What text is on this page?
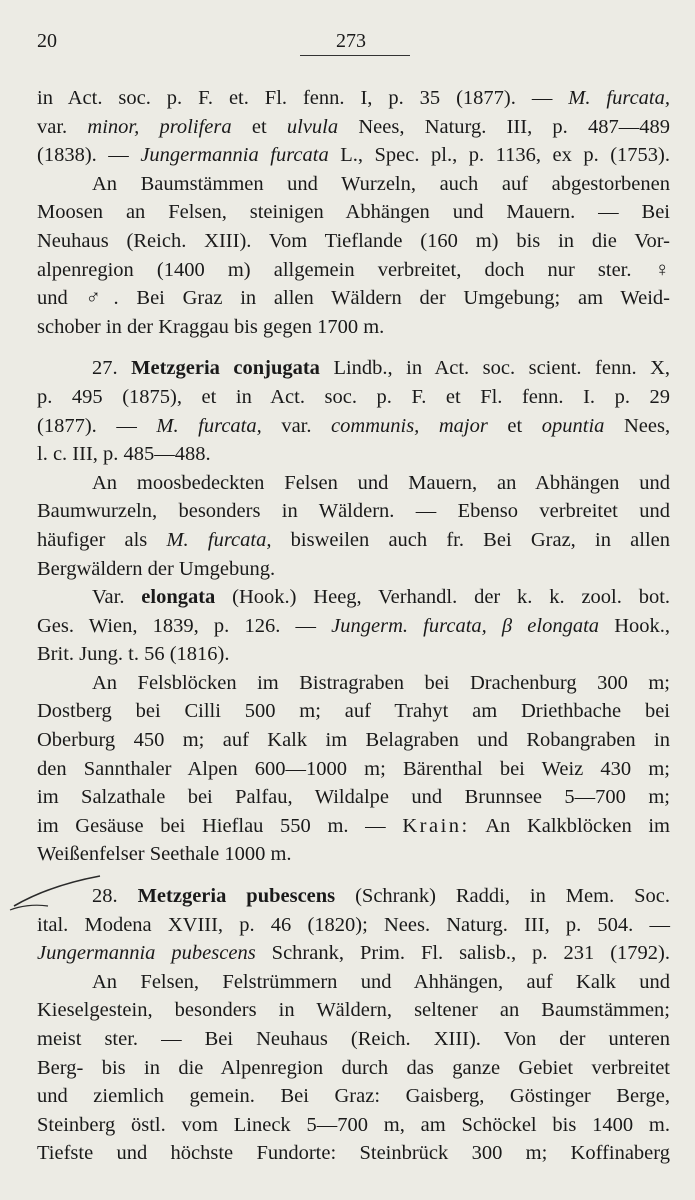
20	273
in Act. soc. p. F. et. Fl. fenn. I, p. 35 (1877). — M. furcata,
var. minor, prolifera et ulvula Nees, Naturg. III, p. 487—489
(1838). — Jungermannia furcata L., Spec. pl., p. 1136, ex p. (1753).
An Baumstämmen und Wurzeln, auch auf abgestorbenen
Moosen an Felsen, steinigen Abhängen und Mauern. — Bei
Neuhaus (Reich. XIII). Vom Tieflande (160 m) bis in die Vor-
alpenregion (1400 m) allgemein verbreitet, doch nur ster. ♀
und ♂. Bei Graz in allen Wäldern der Umgebung; am Weid-
schober in der Kraggau bis gegen 1700 m.
27. Metzgeria conjugata Lindb., in Act. soc. scient. fenn. X,
p. 495 (1875), et in Act. soc. p. F. et Fl. fenn. I. p. 29
(1877). — M. furcata, var. communis, major et opuntia Nees,
l. c. III, p. 485—488.
An moosbedeckten Felsen und Mauern, an Abhängen und
Baumwurzeln, besonders in Wäldern. — Ebenso verbreitet und
häufiger als M. furcata, bisweilen auch fr. Bei Graz, in allen
Bergwäldern der Umgebung.
Var. elongata (Hook.) Heeg, Verhandl. der k. k. zool. bot.
Ges. Wien, 1839, p. 126. — Jungerm. furcata, β elongata Hook.,
Brit. Jung. t. 56 (1816).
An Felsblöcken im Bistragraben bei Drachenburg 300 m;
Dostberg bei Cilli 500 m; auf Trahyt am Driethbache bei
Oberburg 450 m; auf Kalk im Belagraben und Robangraben in
den Sannthaler Alpen 600—1000 m; Bärenthal bei Weiz 430 m;
im Salzathale bei Palfau, Wildalpe und Brunnsee 5—700 m;
im Gesäuse bei Hieflau 550 m. — Krain: An Kalkblöcken im
Weißenfelser Seethale 1000 m.
28. Metzgeria pubescens (Schrank) Raddi, in Mem. Soc.
ital. Modena XVIII, p. 46 (1820); Nees. Naturg. III, p. 504. —
Jungermannia pubescens Schrank, Prim. Fl. salisb., p. 231 (1792).
An Felsen, Felstrümmern und Ahhängen, auf Kalk und
Kieselgestein, besonders in Wäldern, seltener an Baumstämmen;
meist ster. — Bei Neuhaus (Reich. XIII). Von der unteren
Berg- bis in die Alpenregion durch das ganze Gebiet verbreitet
und ziemlich gemein. Bei Graz: Gaisberg, Göstinger Berge,
Steinberg östl. vom Lineck 5—700 m, am Schöckel bis 1400 m.
Tiefste und höchste Fundorte: Steinbrück 300 m; Koffinaberg
